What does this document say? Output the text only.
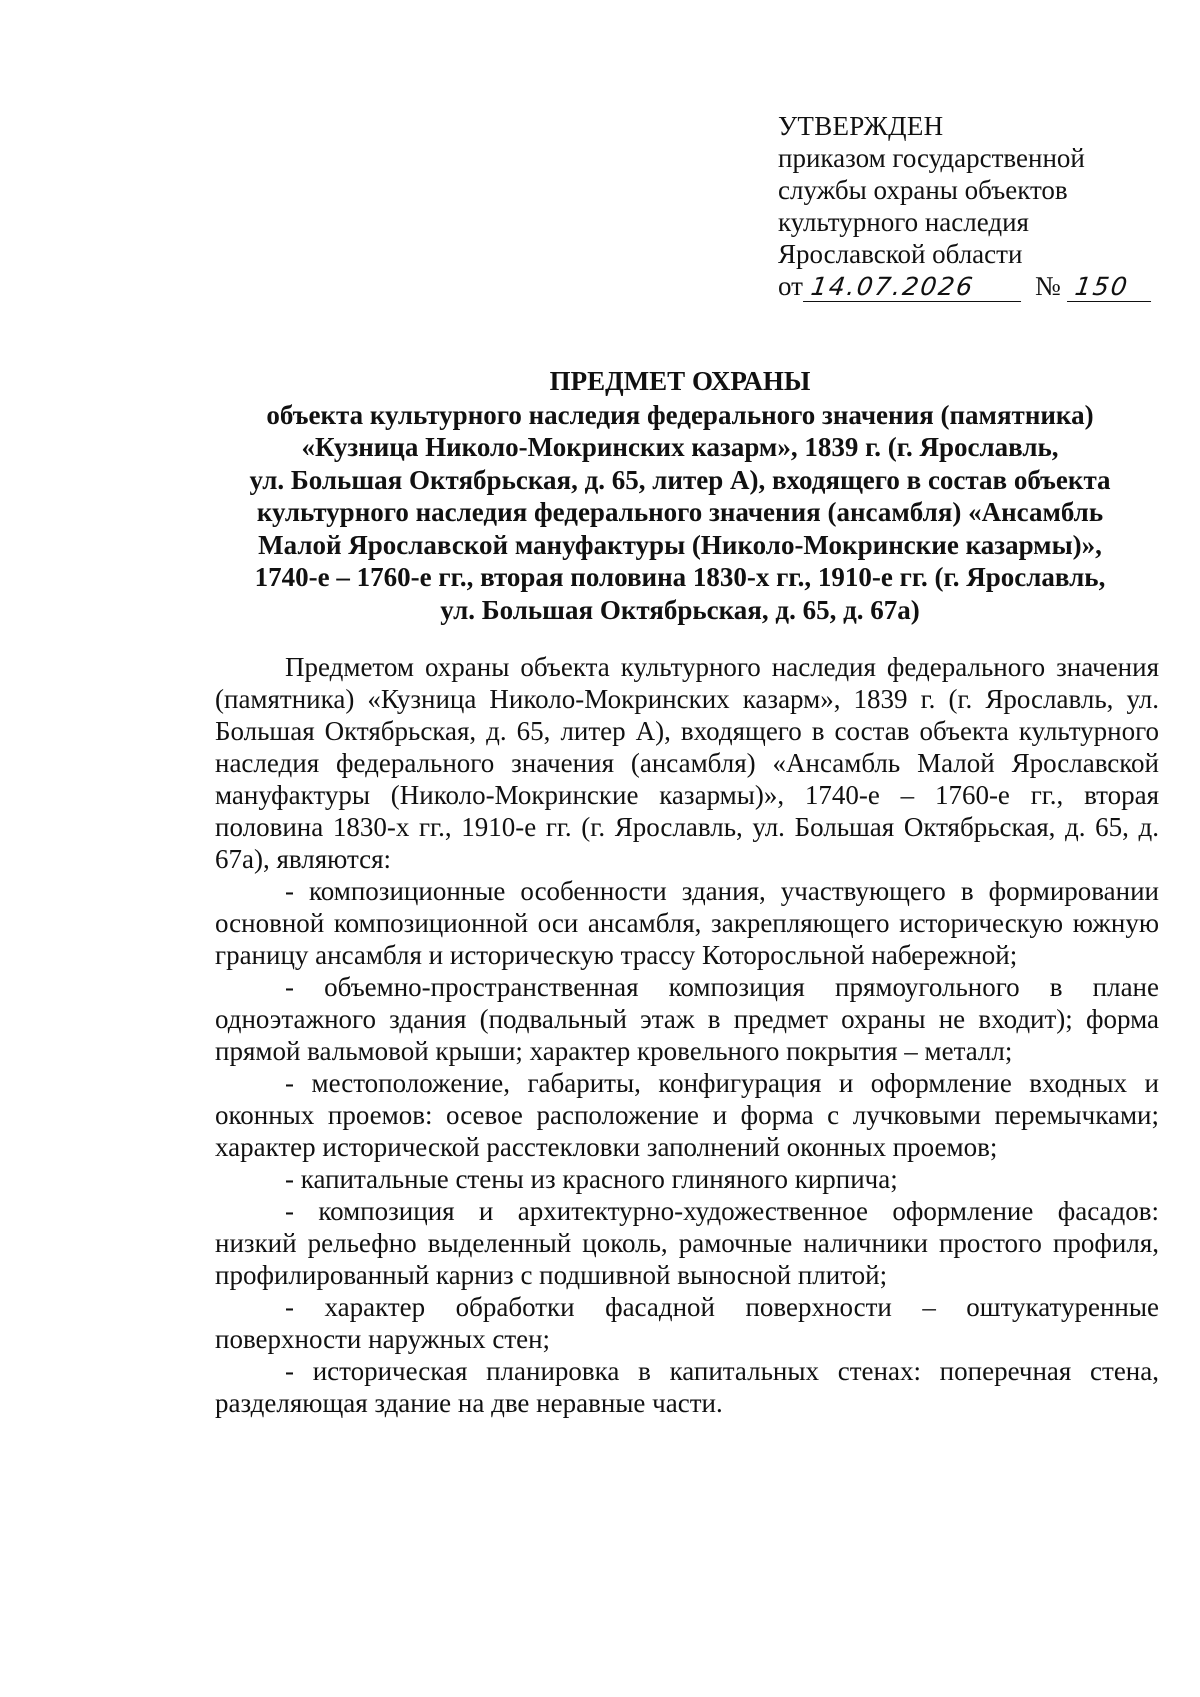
УТВЕРЖДЕН
приказом государственной
службы охраны объектов
культурного наследия
Ярославской области
от 14.07.2026	№ 150
ПРЕДМЕТ ОХРАНЫ
объекта культурного наследия федерального значения (памятника)
«Кузница Николо-Мокринских казарм», 1839 г. (г. Ярославль,
ул. Большая Октябрьская, д. 65, литер А), входящего в состав объекта
культурного наследия федерального значения (ансамбля) «Ансамбль
Малой Ярославской мануфактуры (Николо-Мокринские казармы)»,
1740-е – 1760-е гг., вторая половина 1830-х гг., 1910-е гг. (г. Ярославль,
ул. Большая Октябрьская, д. 65, д. 67а)

Предметом охраны объекта культурного наследия федерального значения (памятника) «Кузница Николо-Мокринских казарм», 1839 г. (г. Ярославль, ул. Большая Октябрьская, д. 65, литер А), входящего в состав объекта культурного наследия федерального значения (ансамбля) «Ансамбль Малой Ярославской мануфактуры (Николо-Мокринские казармы)», 1740-е – 1760-е гг., вторая половина 1830-х гг., 1910-е гг. (г. Ярославль, ул. Большая Октябрьская, д. 65, д. 67а), являются:

- композиционные особенности здания, участвующего в формировании основной композиционной оси ансамбля, закрепляющего историческую южную границу ансамбля и историческую трассу Которосльной набережной;

- объемно-пространственная композиция прямоугольного в плане одноэтажного здания (подвальный этаж в предмет охраны не входит); форма прямой вальмовой крыши; характер кровельного покрытия – металл;

- местоположение, габариты, конфигурация и оформление входных и оконных проемов: осевое расположение и форма с лучковыми перемычками; характер исторической расстекловки заполнений оконных проемов;

- капитальные стены из красного глиняного кирпича;

- композиция и архитектурно-художественное оформление фасадов: низкий рельефно выделенный цоколь, рамочные наличники простого профиля, профилированный карниз с подшивной выносной плитой;

- характер обработки фасадной поверхности – оштукатуренные поверхности наружных стен;

- историческая планировка в капитальных стенах: поперечная стена, разделяющая здание на две неравные части.
